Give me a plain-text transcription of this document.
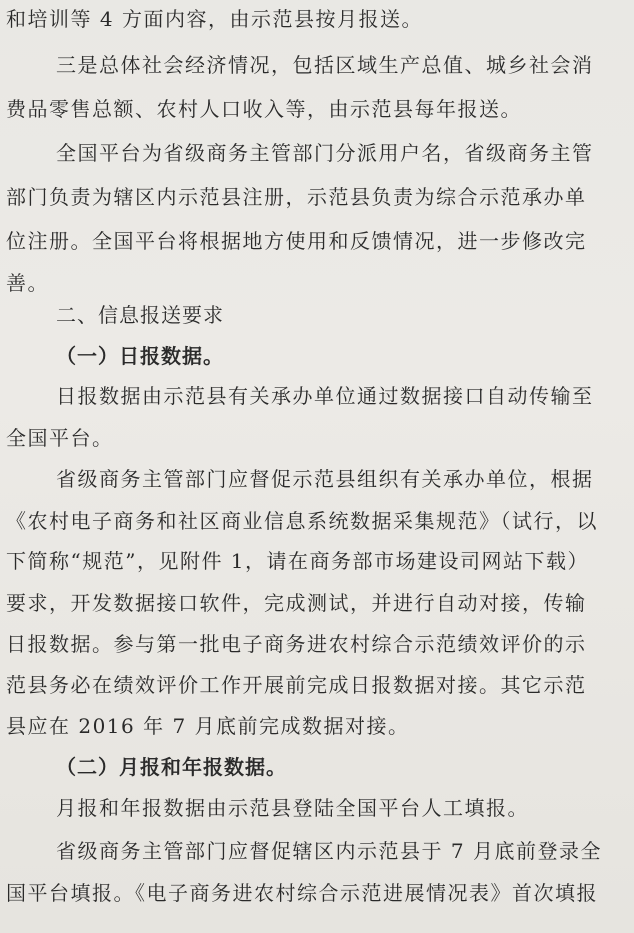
和培训等 4 方面内容，由示范县按月报送。
三是总体社会经济情况，包括区域生产总值、城乡社会消
费品零售总额、农村人口收入等，由示范县每年报送。
全国平台为省级商务主管部门分派用户名，省级商务主管
部门负责为辖区内示范县注册，示范县负责为综合示范承办单
位注册。全国平台将根据地方使用和反馈情况，进一步修改完
善。
二、信息报送要求
（一）日报数据。
日报数据由示范县有关承办单位通过数据接口自动传输至
全国平台。
省级商务主管部门应督促示范县组织有关承办单位，根据
《农村电子商务和社区商业信息系统数据采集规范》（试行，以
下简称“规范”，见附件 1，请在商务部市场建设司网站下载）
要求，开发数据接口软件，完成测试，并进行自动对接，传输
日报数据。参与第一批电子商务进农村综合示范绩效评价的示
范县务必在绩效评价工作开展前完成日报数据对接。其它示范
县应在 2016 年 7 月底前完成数据对接。
（二）月报和年报数据。
月报和年报数据由示范县登陆全国平台人工填报。
省级商务主管部门应督促辖区内示范县于 7 月底前登录全
国平台填报。《电子商务进农村综合示范进展情况表》首次填报
